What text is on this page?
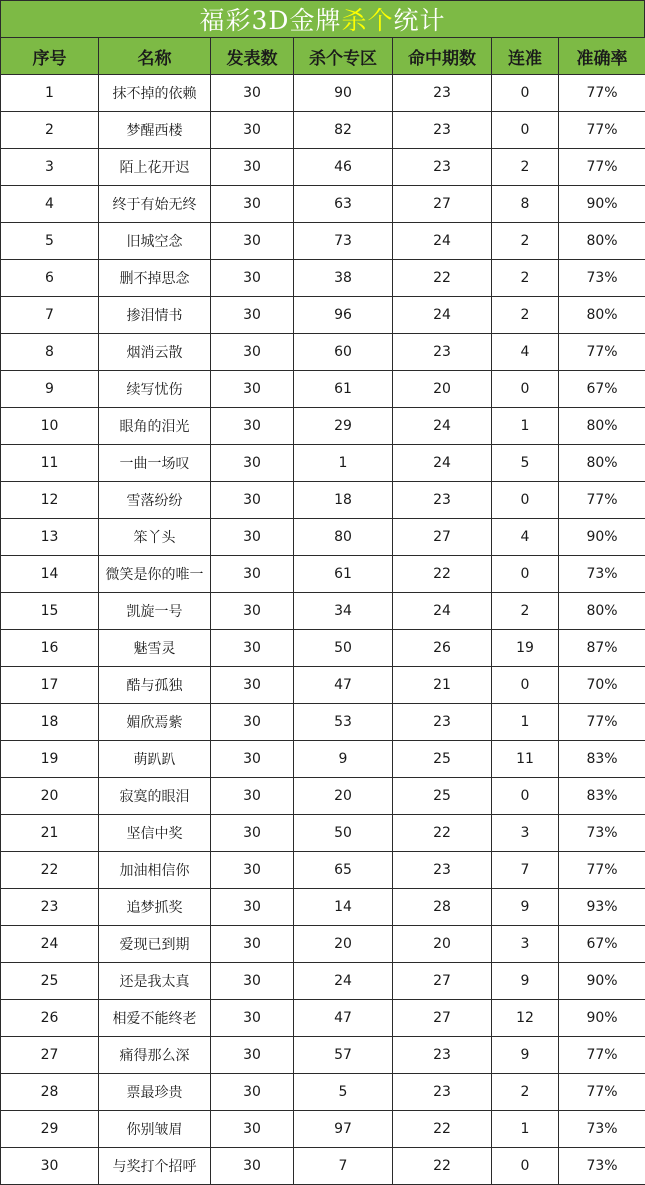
福彩3D金牌 杀个 统计
序号	名称	发表数	杀个专区	命中期数	连准	准确率
1	抹不掉的依赖	30	90	23	0	77%
2	梦醒西楼	30	82	23	0	77%
3	陌上花开迟	30	46	23	2	77%
4	终于有始无终	30	63	27	8	90%
5	旧城空念	30	73	24	2	80%
6	删不掉思念	30	38	22	2	73%
7	掺泪情书	30	96	24	2	80%
8	烟消云散	30	60	23	4	77%
9	续写忧伤	30	61	20	0	67%
10	眼角的泪光	30	29	24	1	80%
11	一曲一场叹	30	1	24	5	80%
12	雪落纷纷	30	18	23	0	77%
13	笨丫头	30	80	27	4	90%
14	微笑是你的唯一	30	61	22	0	73%
15	凯旋一号	30	34	24	2	80%
16	魅雪灵	30	50	26	19	87%
17	酷与孤独	30	47	21	0	70%
18	媚欣焉紫	30	53	23	1	77%
19	萌趴趴	30	9	25	11	83%
20	寂寞的眼泪	30	20	25	0	83%
21	坚信中奖	30	50	22	3	73%
22	加油相信你	30	65	23	7	77%
23	追梦抓奖	30	14	28	9	93%
24	爱现已到期	30	20	20	3	67%
25	还是我太真	30	24	27	9	90%
26	相爱不能终老	30	47	27	12	90%
27	痛得那么深	30	57	23	9	77%
28	票最珍贵	30	5	23	2	77%
29	你别皱眉	30	97	22	1	73%
30	与奖打个招呼	30	7	22	0	73%
